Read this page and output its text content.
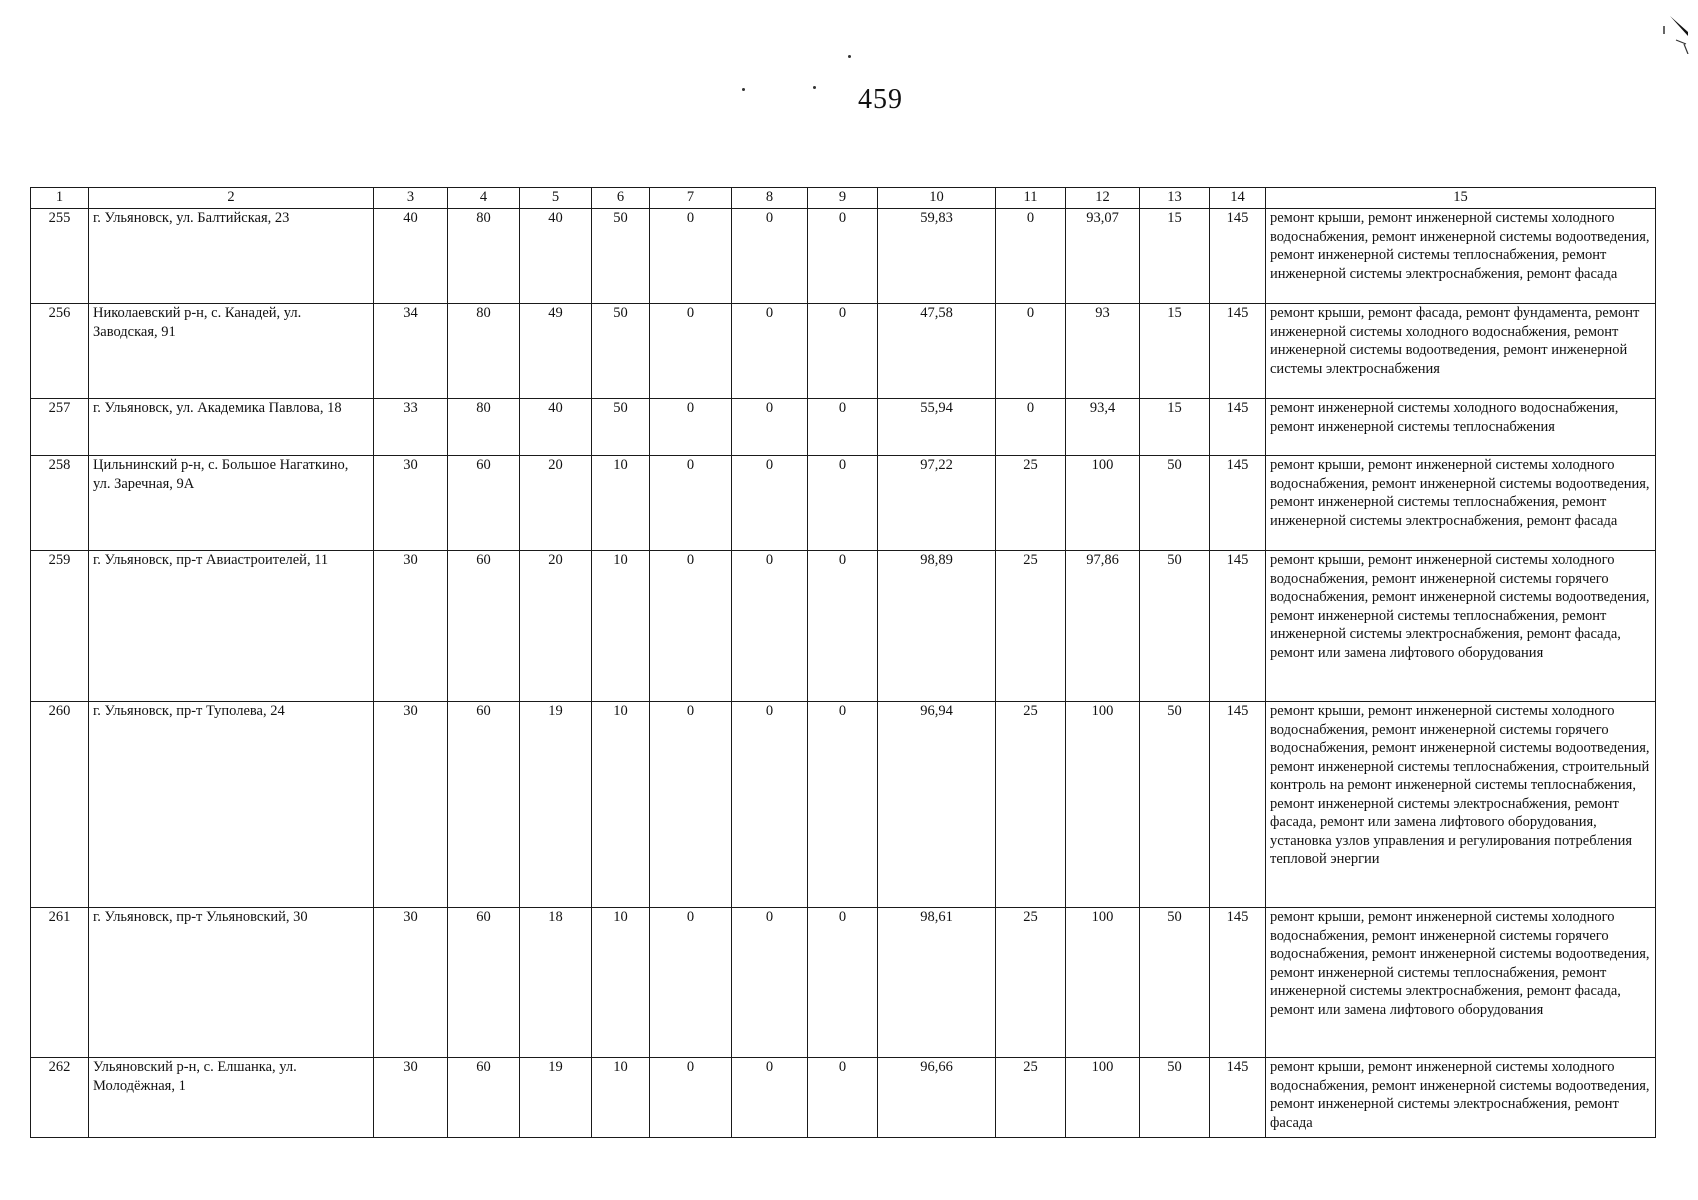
459
1	2	3	4	5	6	7	8	9	10	11	12	13	14	15
255	г. Ульяновск, ул. Балтийская, 23	40	80	40	50	0	0	0	59,83	0	93,07	15	145	ремонт крыши, ремонт инженерной системы холодного водоснабжения, ремонт инженерной системы водоотведения, ремонт инженерной системы теплоснабжения, ремонт инженерной системы электроснабжения, ремонт фасада
256	Николаевский р-н, с. Канадей, ул. Заводская, 91	34	80	49	50	0	0	0	47,58	0	93	15	145	ремонт крыши, ремонт фасада, ремонт фундамента, ремонт инженерной системы холодного водоснабжения, ремонт инженерной системы водоотведения, ремонт инженерной системы электроснабжения
257	г. Ульяновск, ул. Академика Павлова, 18	33	80	40	50	0	0	0	55,94	0	93,4	15	145	ремонт инженерной системы холодного водоснабжения, ремонт инженерной системы теплоснабжения
258	Цильнинский р-н, с. Большое Нагаткино, ул. Заречная, 9А	30	60	20	10	0	0	0	97,22	25	100	50	145	ремонт крыши, ремонт инженерной системы холодного водоснабжения, ремонт инженерной системы водоотведения, ремонт инженерной системы теплоснабжения, ремонт инженерной системы электроснабжения, ремонт фасада
259	г. Ульяновск, пр-т Авиастроителей, 11	30	60	20	10	0	0	0	98,89	25	97,86	50	145	ремонт крыши, ремонт инженерной системы холодного водоснабжения, ремонт инженерной системы горячего водоснабжения, ремонт инженерной системы водоотведения, ремонт инженерной системы теплоснабжения, ремонт инженерной системы электроснабжения, ремонт фасада, ремонт или замена лифтового оборудования
260	г. Ульяновск, пр-т Туполева, 24	30	60	19	10	0	0	0	96,94	25	100	50	145	ремонт крыши, ремонт инженерной системы холодного водоснабжения, ремонт инженерной системы горячего водоснабжения, ремонт инженерной системы водоотведения, ремонт инженерной системы теплоснабжения, строительный контроль на ремонт инженерной системы теплоснабжения, ремонт инженерной системы электроснабжения, ремонт фасада, ремонт или замена лифтового оборудования, установка узлов управления и регулирования потребления тепловой энергии
261	г. Ульяновск, пр-т Ульяновский, 30	30	60	18	10	0	0	0	98,61	25	100	50	145	ремонт крыши, ремонт инженерной системы холодного водоснабжения, ремонт инженерной системы горячего водоснабжения, ремонт инженерной системы водоотведения, ремонт инженерной системы теплоснабжения, ремонт инженерной системы электроснабжения, ремонт фасада, ремонт или замена лифтового оборудования
262	Ульяновский р-н, с. Елшанка, ул. Молодёжная, 1	30	60	19	10	0	0	0	96,66	25	100	50	145	ремонт крыши, ремонт инженерной системы холодного водоснабжения, ремонт инженерной системы водоотведения, ремонт инженерной системы электроснабжения, ремонт фасада
